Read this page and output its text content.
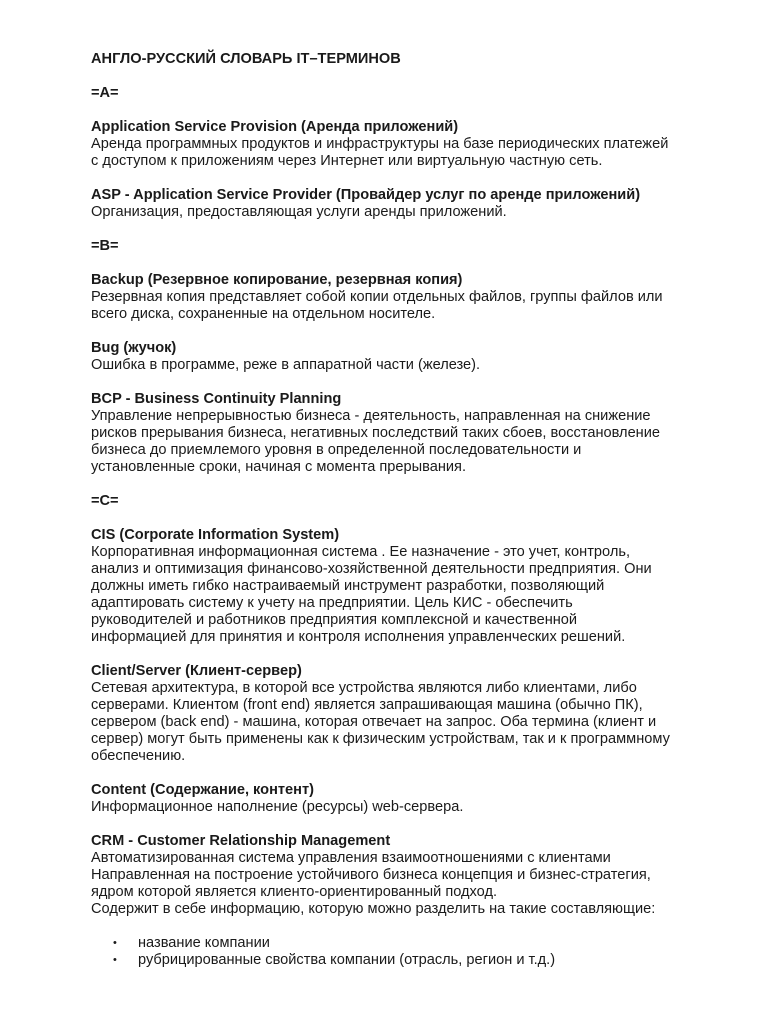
АНГЛО-РУССКИЙ СЛОВАРЬ IT–ТЕРМИНОВ

=A=

Application Service Provision (Аренда приложений)

Аренда программных продуктов и инфраструктуры на базе периодических платежей

с доступом к приложениям через Интернет или виртуальную частную сеть.

ASP - Application Service Provider (Провайдер услуг по аренде приложений)

Организация, предоставляющая услуги аренды приложений.

=B=

Backup (Резервное копирование, резервная копия)

Резервная копия представляет собой копии отдельных файлов, группы файлов или

всего диска, сохраненные на отдельном носителе.

Bug (жучок)

Ошибка в программе, реже в аппаратной части (железе).

BCP - Business Continuity Planning

Управление непрерывностью бизнеса - деятельность, направленная на снижение

рисков прерывания бизнеса, негативных последствий таких сбоев, восстановление

бизнеса до приемлемого уровня в определенной последовательности и

установленные сроки, начиная с момента прерывания.

=C=

CIS (Corporate Information System)

Корпоративная информационная система . Ее назначение - это учет, контроль,

анализ и оптимизация финансово-хозяйственной деятельности предприятия. Они

должны иметь гибко настраиваемый инструмент разработки, позволяющий

адаптировать систему к учету на предприятии. Цель КИС - обеспечить

руководителей и работников предприятия комплексной и качественной

информацией для принятия и контроля исполнения управленческих решений.

Client/Server (Клиент-сервер)

Сетевая архитектура, в которой все устройства являются либо клиентами, либо

серверами. Клиентом (front end) является запрашивающая машина (обычно ПК),

сервером (back end) - машина, которая отвечает на запрос. Оба термина (клиент и

сервер) могут быть применены как к физическим устройствам, так и к программному

обеспечению.

Content (Содержание, контент)

Информационное наполнение (ресурсы) web-сервера.

CRM - Customer Relationship Management

Автоматизированная система управления взаимоотношениями с клиентами

Направленная на построение устойчивого бизнеса концепция и бизнес-стратегия,

ядром которой является клиенто-ориентированный подход.

Содержит в себе информацию, которую можно разделить на такие составляющие:

• название компании
• рубрицированные свойства компании (отрасль, регион и т.д.)
